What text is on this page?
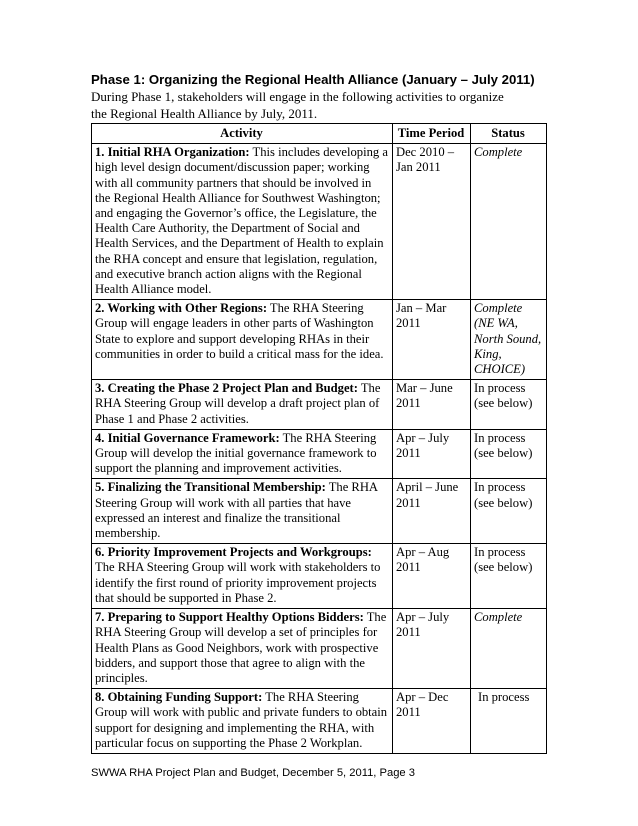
Phase 1: Organizing the Regional Health Alliance (January – July 2011)
During Phase 1, stakeholders will engage in the following activities to organize the Regional Health Alliance by July, 2011.
Activity	Time Period	Status
1. Initial RHA Organization: This includes developing a high level design document/discussion paper; working with all community partners that should be involved in the Regional Health Alliance for Southwest Washington; and engaging the Governor’s office, the Legislature, the Health Care Authority, the Department of Social and Health Services, and the Department of Health to explain the RHA concept and ensure that legislation, regulation, and executive branch action aligns with the Regional Health Alliance model.	Dec 2010 – Jan 2011	Complete
2. Working with Other Regions: The RHA Steering Group will engage leaders in other parts of Washington State to explore and support developing RHAs in their communities in order to build a critical mass for the idea.	Jan – Mar 2011	Complete (NE WA, North Sound, King, CHOICE)
3. Creating the Phase 2 Project Plan and Budget: The RHA Steering Group will develop a draft project plan of Phase 1 and Phase 2 activities.	Mar – June 2011	In process (see below)
4. Initial Governance Framework: The RHA Steering Group will develop the initial governance framework to support the planning and improvement activities.	Apr – July 2011	In process (see below)
5. Finalizing the Transitional Membership: The RHA Steering Group will work with all parties that have expressed an interest and finalize the transitional membership.	April – June 2011	In process (see below)
6. Priority Improvement Projects and Workgroups: The RHA Steering Group will work with stakeholders to identify the first round of priority improvement projects that should be supported in Phase 2.	Apr – Aug 2011	In process (see below)
7. Preparing to Support Healthy Options Bidders: The RHA Steering Group will develop a set of principles for Health Plans as Good Neighbors, work with prospective bidders, and support those that agree to align with the principles.	Apr – July 2011	Complete
8. Obtaining Funding Support: The RHA Steering Group will work with public and private funders to obtain support for designing and implementing the RHA, with particular focus on supporting the Phase 2 Workplan.	Apr – Dec 2011	In process
SWWA RHA Project Plan and Budget, December 5, 2011, Page 3
